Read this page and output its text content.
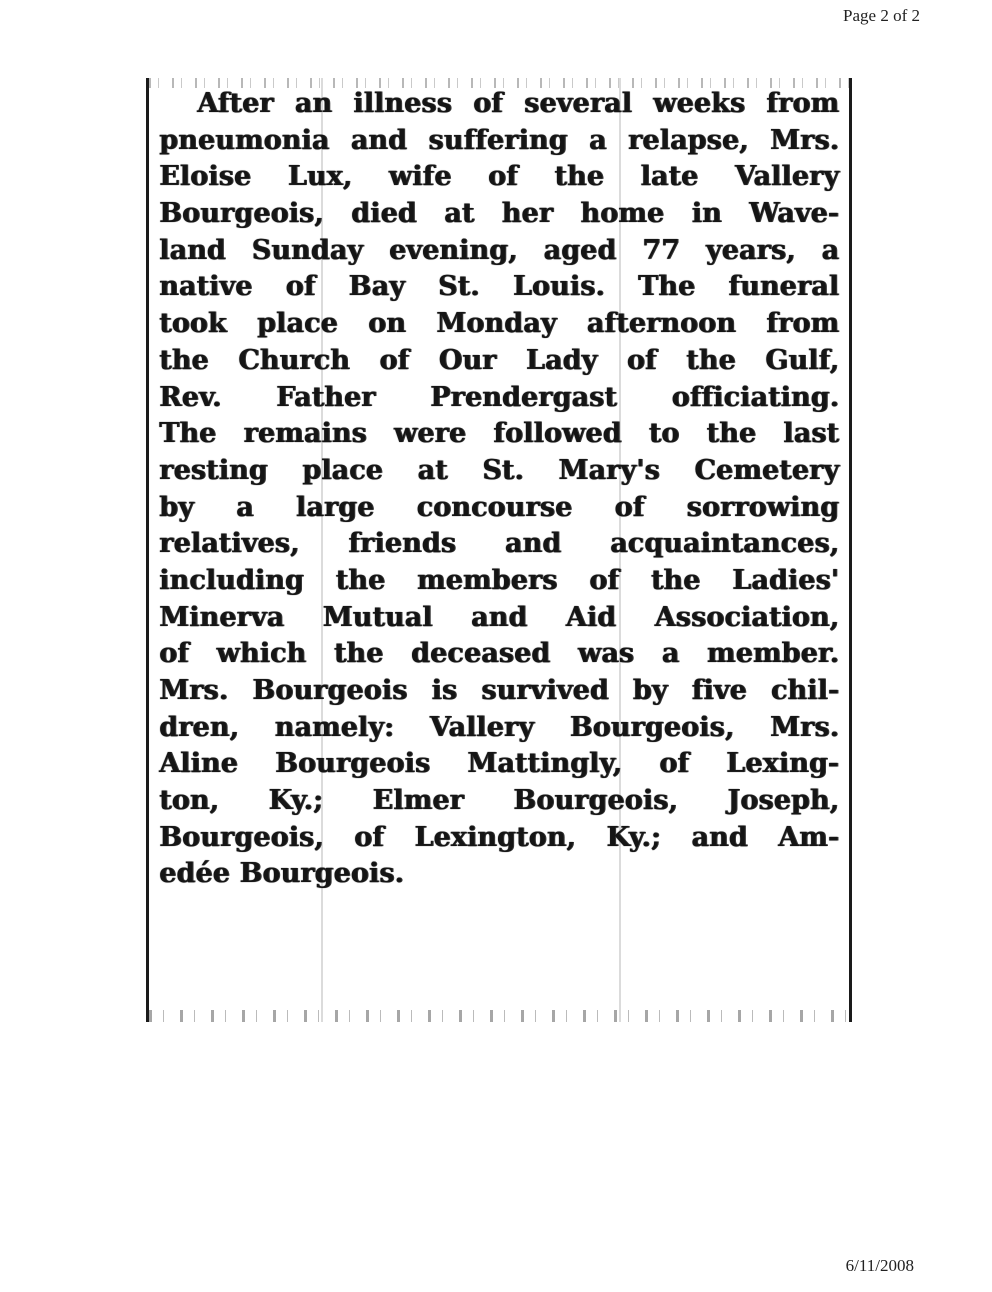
Page 2 of 2
After an illness of several weeks from
pneumonia and suffering a relapse, Mrs.
Eloise Lux, wife of the late Vallery
Bourgeois, died at her home in Wave-
land Sunday evening, aged 77 years, a
native of Bay St. Louis. The funeral
took place on Monday afternoon from
the Church of Our Lady of the Gulf,
Rev. Father Prendergast officiating.
The remains were followed to the last
resting place at St. Mary's Cemetery
by a large concourse of sorrowing
relatives, friends and acquaintances,
including the members of the Ladies'
Minerva Mutual and Aid Association,
of which the deceased was a member.
Mrs. Bourgeois is survived by five chil-
dren, namely: Vallery Bourgeois, Mrs.
Aline Bourgeois Mattingly, of Lexing-
ton, Ky.; Elmer Bourgeois, Joseph,
Bourgeois, of Lexington, Ky.; and Am-
edée Bourgeois.
6/11/2008
